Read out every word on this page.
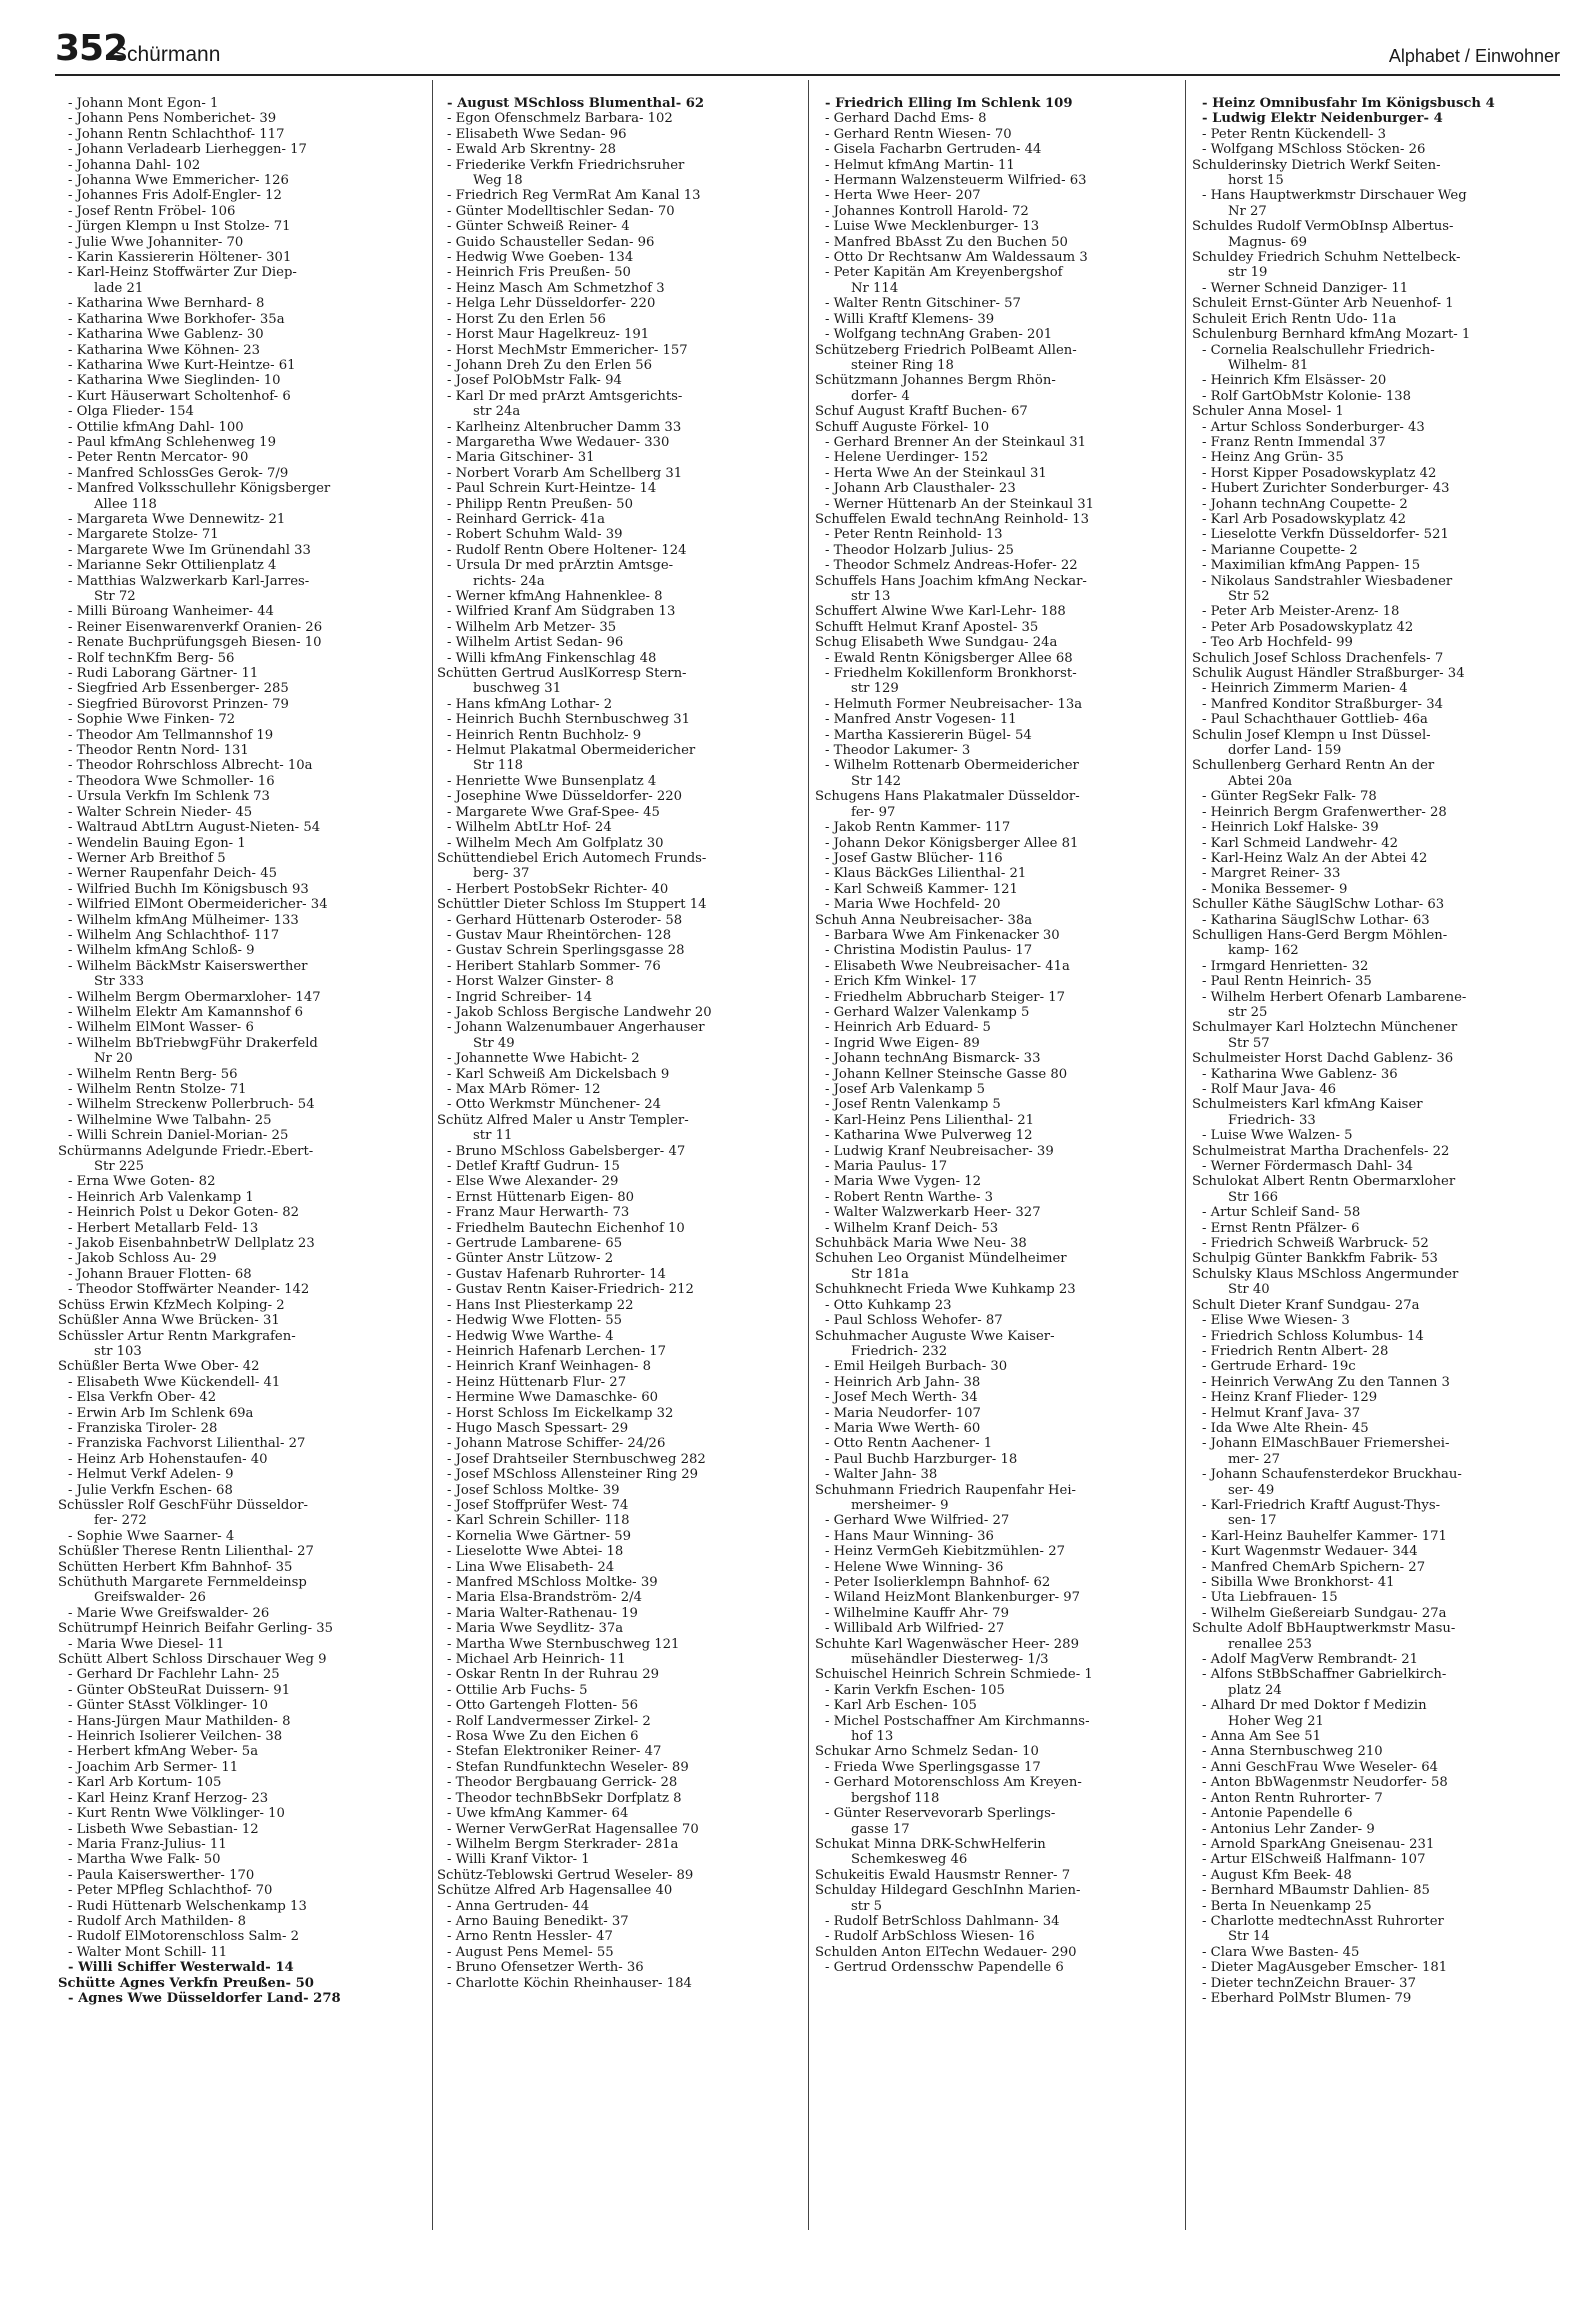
352
Schürmann	Alphabet / Einwohner
- Johann Mont Egon- 1
- Johann Pens Nomberichet- 39
- Johann Rentn Schlachthof- 117
- Johann Verladearb Lierheggen- 17
- Johanna Dahl- 102
- Johanna Wwe Emmericher- 126
- Johannes Fris Adolf-Engler- 12
- Josef Rentn Fröbel- 106
- Jürgen Klempn u Inst Stolze- 71
- Julie Wwe Johanniter- 70
- Karin Kassiererin Höltener- 301
- Karl-Heinz Stoffwärter Zur Diep-
lade 21
- Katharina Wwe Bernhard- 8
- Katharina Wwe Borkhofer- 35a
- Katharina Wwe Gablenz- 30
- Katharina Wwe Köhnen- 23
- Katharina Wwe Kurt-Heintze- 61
- Katharina Wwe Sieglinden- 10
- Kurt Häuserwart Scholtenhof- 6
- Olga Flieder- 154
- Ottilie kfmAng Dahl- 100
- Paul kfmAng Schlehenweg 19
- Peter Rentn Mercator- 90
- Manfred SchlossGes Gerok- 7/9
- Manfred Volksschullehr Königsberger
Allee 118
- Margareta Wwe Dennewitz- 21
- Margarete Stolze- 71
- Margarete Wwe Im Grünendahl 33
- Marianne Sekr Ottilienplatz 4
- Matthias Walzwerkarb Karl-Jarres-
Str 72
- Milli Büroang Wanheimer- 44
- Reiner Eisenwarenverkf Oranien- 26
- Renate Buchprüfungsgeh Biesen- 10
- Rolf technKfm Berg- 56
- Rudi Laborang Gärtner- 11
- Siegfried Arb Essenberger- 285
- Siegfried Bürovorst Prinzen- 79
- Sophie Wwe Finken- 72
- Theodor Am Tellmannshof 19
- Theodor Rentn Nord- 131
- Theodor Rohrschloss Albrecht- 10a
- Theodora Wwe Schmoller- 16
- Ursula Verkfn Im Schlenk 73
- Walter Schrein Nieder- 45
- Waltraud AbtLtrn August-Nieten- 54
- Wendelin Bauing Egon- 1
- Werner Arb Breithof 5
- Werner Raupenfahr Deich- 45
- Wilfried Buchh Im Königsbusch 93
- Wilfried ElMont Obermeidericher- 34
- Wilhelm kfmAng Mülheimer- 133
- Wilhelm Ang Schlachthof- 117
- Wilhelm kfmAng Schloß- 9
- Wilhelm BäckMstr Kaiserswerther
Str 333
- Wilhelm Bergm Obermarxloher- 147
- Wilhelm Elektr Am Kamannshof 6
- Wilhelm ElMont Wasser- 6
- Wilhelm BbTriebwgFühr Drakerfeld
Nr 20
- Wilhelm Rentn Berg- 56
- Wilhelm Rentn Stolze- 71
- Wilhelm Streckenw Pollerbruch- 54
- Wilhelmine Wwe Talbahn- 25
- Willi Schrein Daniel-Morian- 25
Schürmanns Adelgunde Friedr.-Ebert-
Str 225
- Erna Wwe Goten- 82
- Heinrich Arb Valenkamp 1
- Heinrich Polst u Dekor Goten- 82
- Herbert Metallarb Feld- 13
- Jakob EisenbahnbetrW Dellplatz 23
- Jakob Schloss Au- 29
- Johann Brauer Flotten- 68
- Theodor Stoffwärter Neander- 142
Schüss Erwin KfzMech Kolping- 2
Schüßler Anna Wwe Brücken- 31
Schüssler Artur Rentn Markgrafen-
str 103
Schüßler Berta Wwe Ober- 42
- Elisabeth Wwe Kückendell- 41
- Elsa Verkfn Ober- 42
- Erwin Arb Im Schlenk 69a
- Franziska Tiroler- 28
- Franziska Fachvorst Lilienthal- 27
- Heinz Arb Hohenstaufen- 40
- Helmut Verkf Adelen- 9
- Julie Verkfn Eschen- 68
Schüssler Rolf GeschFühr Düsseldor-
fer- 272
- Sophie Wwe Saarner- 4
Schüßler Therese Rentn Lilienthal- 27
Schütten Herbert Kfm Bahnhof- 35
Schüthuth Margarete Fernmeldeinsp
Greifswalder- 26
- Marie Wwe Greifswalder- 26
Schütrumpf Heinrich Beifahr Gerling- 35
- Maria Wwe Diesel- 11
Schütt Albert Schloss Dirschauer Weg 9
- Gerhard Dr Fachlehr Lahn- 25
- Günter ObSteuRat Duissern- 91
- Günter StAsst Völklinger- 10
- Hans-Jürgen Maur Mathilden- 8
- Heinrich Isolierer Veilchen- 38
- Herbert kfmAng Weber- 5a
- Joachim Arb Sermer- 11
- Karl Arb Kortum- 105
- Karl Heinz Kranf Herzog- 23
- Kurt Rentn Wwe Völklinger- 10
- Lisbeth Wwe Sebastian- 12
- Maria Franz-Julius- 11
- Martha Wwe Falk- 50
- Paula Kaiserswerther- 170
- Peter MPfleg Schlachthof- 70
- Rudi Hüttenarb Welschenkamp 13
- Rudolf Arch Mathilden- 8
- Rudolf ElMotorenschloss Salm- 2
- Walter Mont Schill- 11
- Willi Schiffer Westerwald- 14
Schütte Agnes Verkfn Preußen- 50
- Agnes Wwe Düsseldorfer Land- 278
- August MSchloss Blumenthal- 62
- Egon Ofenschmelz Barbara- 102
- Elisabeth Wwe Sedan- 96
- Ewald Arb Skrentny- 28
- Friederike Verkfn Friedrichsruher
Weg 18
- Friedrich Reg VermRat Am Kanal 13
- Günter Modelltischler Sedan- 70
- Günter Schweiß Reiner- 4
- Guido Schausteller Sedan- 96
- Hedwig Wwe Goeben- 134
- Heinrich Fris Preußen- 50
- Heinz Masch Am Schmetzhof 3
- Helga Lehr Düsseldorfer- 220
- Horst Zu den Erlen 56
- Horst Maur Hagelkreuz- 191
- Horst MechMstr Emmericher- 157
- Johann Dreh Zu den Erlen 56
- Josef PolObMstr Falk- 94
- Karl Dr med prArzt Amtsgerichts-
str 24a
- Karlheinz Altenbrucher Damm 33
- Margaretha Wwe Wedauer- 330
- Maria Gitschiner- 31
- Norbert Vorarb Am Schellberg 31
- Paul Schrein Kurt-Heintze- 14
- Philipp Rentn Preußen- 50
- Reinhard Gerrick- 41a
- Robert Schuhm Wald- 39
- Rudolf Rentn Obere Holtener- 124
- Ursula Dr med prÄrztin Amtsge-
richts- 24a
- Werner kfmAng Hahnenklee- 8
- Wilfried Kranf Am Südgraben 13
- Wilhelm Arb Metzer- 35
- Wilhelm Artist Sedan- 96
- Willi kfmAng Finkenschlag 48
Schütten Gertrud AuslKorresp Stern-
buschweg 31
- Hans kfmAng Lothar- 2
- Heinrich Buchh Sternbuschweg 31
- Heinrich Rentn Buchholz- 9
- Helmut Plakatmal Obermeidericher
Str 118
- Henriette Wwe Bunsenplatz 4
- Josephine Wwe Düsseldorfer- 220
- Margarete Wwe Graf-Spee- 45
- Wilhelm AbtLtr Hof- 24
- Wilhelm Mech Am Golfplatz 30
Schüttendiebel Erich Automech Frunds-
berg- 37
- Herbert PostobSekr Richter- 40
Schüttler Dieter Schloss Im Stuppert 14
- Gerhard Hüttenarb Osteroder- 58
- Gustav Maur Rheintörchen- 128
- Gustav Schrein Sperlingsgasse 28
- Heribert Stahlarb Sommer- 76
- Horst Walzer Ginster- 8
- Ingrid Schreiber- 14
- Jakob Schloss Bergische Landwehr 20
- Johann Walzenumbauer Angerhauser
Str 49
- Johannette Wwe Habicht- 2
- Karl Schweiß Am Dickelsbach 9
- Max MArb Römer- 12
- Otto Werkmstr Münchener- 24
Schütz Alfred Maler u Anstr Templer-
str 11
- Bruno MSchloss Gabelsberger- 47
- Detlef Kraftf Gudrun- 15
- Else Wwe Alexander- 29
- Ernst Hüttenarb Eigen- 80
- Franz Maur Herwarth- 73
- Friedhelm Bautechn Eichenhof 10
- Gertrude Lambarene- 65
- Günter Anstr Lützow- 2
- Gustav Hafenarb Ruhrorter- 14
- Gustav Rentn Kaiser-Friedrich- 212
- Hans Inst Pliesterkamp 22
- Hedwig Wwe Flotten- 55
- Hedwig Wwe Warthe- 4
- Heinrich Hafenarb Lerchen- 17
- Heinrich Kranf Weinhagen- 8
- Heinz Hüttenarb Flur- 27
- Hermine Wwe Damaschke- 60
- Horst Schloss Im Eickelkamp 32
- Hugo Masch Spessart- 29
- Johann Matrose Schiffer- 24/26
- Josef Drahtseiler Sternbuschweg 282
- Josef MSchloss Allensteiner Ring 29
- Josef Schloss Moltke- 39
- Josef Stoffprüfer West- 74
- Karl Schrein Schiller- 118
- Kornelia Wwe Gärtner- 59
- Lieselotte Wwe Abtei- 18
- Lina Wwe Elisabeth- 24
- Manfred MSchloss Moltke- 39
- Maria Elsa-Brandström- 2/4
- Maria Walter-Rathenau- 19
- Maria Wwe Seydlitz- 37a
- Martha Wwe Sternbuschweg 121
- Michael Arb Heinrich- 11
- Oskar Rentn In der Ruhrau 29
- Ottilie Arb Fuchs- 5
- Otto Gartengeh Flotten- 56
- Rolf Landvermesser Zirkel- 2
- Rosa Wwe Zu den Eichen 6
- Stefan Elektroniker Reiner- 47
- Stefan Rundfunktechn Weseler- 89
- Theodor Bergbauang Gerrick- 28
- Theodor technBbSekr Dorfplatz 8
- Uwe kfmAng Kammer- 64
- Werner VerwGerRat Hagensallee 70
- Wilhelm Bergm Sterkrader- 281a
- Willi Kranf Viktor- 1
Schütz-Teblowski Gertrud Weseler- 89
Schütze Alfred Arb Hagensallee 40
- Anna Gertruden- 44
- Arno Bauing Benedikt- 37
- Arno Rentn Hessler- 47
- August Pens Memel- 55
- Bruno Ofensetzer Werth- 36
- Charlotte Köchin Rheinhauser- 184
- Friedrich Elling Im Schlenk 109
- Gerhard Dachd Ems- 8
- Gerhard Rentn Wiesen- 70
- Gisela Facharbn Gertruden- 44
- Helmut kfmAng Martin- 11
- Hermann Walzensteuerm Wilfried- 63
- Herta Wwe Heer- 207
- Johannes Kontroll Harold- 72
- Luise Wwe Mecklenburger- 13
- Manfred BbAsst Zu den Buchen 50
- Otto Dr Rechtsanw Am Waldessaum 3
- Peter Kapitän Am Kreyenbergshof
Nr 114
- Walter Rentn Gitschiner- 57
- Willi Kraftf Klemens- 39
- Wolfgang technAng Graben- 201
Schützeberg Friedrich PolBeamt Allen-
steiner Ring 18
Schützmann Johannes Bergm Rhön-
dorfer- 4
Schuf August Kraftf Buchen- 67
Schuff Auguste Förkel- 10
- Gerhard Brenner An der Steinkaul 31
- Helene Uerdinger- 152
- Herta Wwe An der Steinkaul 31
- Johann Arb Clausthaler- 23
- Werner Hüttenarb An der Steinkaul 31
Schuffelen Ewald technAng Reinhold- 13
- Peter Rentn Reinhold- 13
- Theodor Holzarb Julius- 25
- Theodor Schmelz Andreas-Hofer- 22
Schuffels Hans Joachim kfmAng Neckar-
str 13
Schuffert Alwine Wwe Karl-Lehr- 188
Schufft Helmut Kranf Apostel- 35
Schug Elisabeth Wwe Sundgau- 24a
- Ewald Rentn Königsberger Allee 68
- Friedhelm Kokillenform Bronkhorst-
str 129
- Helmuth Former Neubreisacher- 13a
- Manfred Anstr Vogesen- 11
- Martha Kassiererin Bügel- 54
- Theodor Lakumer- 3
- Wilhelm Rottenarb Obermeidericher
Str 142
Schugens Hans Plakatmaler Düsseldor-
fer- 97
- Jakob Rentn Kammer- 117
- Johann Dekor Königsberger Allee 81
- Josef Gastw Blücher- 116
- Klaus BäckGes Lilienthal- 21
- Karl Schweiß Kammer- 121
- Maria Wwe Hochfeld- 20
Schuh Anna Neubreisacher- 38a
- Barbara Wwe Am Finkenacker 30
- Christina Modistin Paulus- 17
- Elisabeth Wwe Neubreisacher- 41a
- Erich Kfm Winkel- 17
- Friedhelm Abbrucharb Steiger- 17
- Gerhard Walzer Valenkamp 5
- Heinrich Arb Eduard- 5
- Ingrid Wwe Eigen- 89
- Johann technAng Bismarck- 33
- Johann Kellner Steinsche Gasse 80
- Josef Arb Valenkamp 5
- Josef Rentn Valenkamp 5
- Karl-Heinz Pens Lilienthal- 21
- Katharina Wwe Pulverweg 12
- Ludwig Kranf Neubreisacher- 39
- Maria Paulus- 17
- Maria Wwe Vygen- 12
- Robert Rentn Warthe- 3
- Walter Walzwerkarb Heer- 327
- Wilhelm Kranf Deich- 53
Schuhbäck Maria Wwe Neu- 38
Schuhen Leo Organist Mündelheimer
Str 181a
Schuhknecht Frieda Wwe Kuhkamp 23
- Otto Kuhkamp 23
- Paul Schloss Wehofer- 87
Schuhmacher Auguste Wwe Kaiser-
Friedrich- 232
- Emil Heilgeh Burbach- 30
- Heinrich Arb Jahn- 38
- Josef Mech Werth- 34
- Maria Neudorfer- 107
- Maria Wwe Werth- 60
- Otto Rentn Aachener- 1
- Paul Buchb Harzburger- 18
- Walter Jahn- 38
Schuhmann Friedrich Raupenfahr Hei-
mersheimer- 9
- Gerhard Wwe Wilfried- 27
- Hans Maur Winning- 36
- Heinz VermGeh Kiebitzmühlen- 27
- Helene Wwe Winning- 36
- Peter Isolierklempn Bahnhof- 62
- Wiland HeizMont Blankenburger- 97
- Wilhelmine Kauffr Ahr- 79
- Willibald Arb Wilfried- 27
Schuhte Karl Wagenwäscher Heer- 289
müsehändler Diesterweg- 1/3
Schuischel Heinrich Schrein Schmiede- 1
- Karin Verkfn Eschen- 105
- Karl Arb Eschen- 105
- Michel Postschaffner Am Kirchmanns-
hof 13
Schukar Arno Schmelz Sedan- 10
- Frieda Wwe Sperlingsgasse 17
- Gerhard Motorenschloss Am Kreyen-
bergshof 118
- Günter Reservevorarb Sperlings-
gasse 17
Schukat Minna DRK-SchwHelferin
Schemkesweg 46
Schukeitis Ewald Hausmstr Renner- 7
Schulday Hildegard GeschInhn Marien-
str 5
- Rudolf BetrSchloss Dahlmann- 34
- Rudolf ArbSchloss Wiesen- 16
Schulden Anton ElTechn Wedauer- 290
- Gertrud Ordensschw Papendelle 6
- Heinz Omnibusfahr Im Königsbusch 4
- Ludwig Elektr Neidenburger- 4
- Peter Rentn Kückendell- 3
- Wolfgang MSchloss Stöcken- 26
Schulderinsky Dietrich Werkf Seiten-
horst 15
- Hans Hauptwerkmstr Dirschauer Weg
Nr 27
Schuldes Rudolf VermObInsp Albertus-
Magnus- 69
Schuldey Friedrich Schuhm Nettelbeck-
str 19
- Werner Schneid Danziger- 11
Schuleit Ernst-Günter Arb Neuenhof- 1
Schuleit Erich Rentn Udo- 11a
Schulenburg Bernhard kfmAng Mozart- 1
- Cornelia Realschullehr Friedrich-
Wilhelm- 81
- Heinrich Kfm Elsässer- 20
- Rolf GartObMstr Kolonie- 138
Schuler Anna Mosel- 1
- Artur Schloss Sonderburger- 43
- Franz Rentn Immendal 37
- Heinz Ang Grün- 35
- Horst Kipper Posadowskyplatz 42
- Hubert Zurichter Sonderburger- 43
- Johann technAng Coupette- 2
- Karl Arb Posadowskyplatz 42
- Lieselotte Verkfn Düsseldorfer- 521
- Marianne Coupette- 2
- Maximilian kfmAng Pappen- 15
- Nikolaus Sandstrahler Wiesbadener
Str 52
- Peter Arb Meister-Arenz- 18
- Peter Arb Posadowskyplatz 42
- Teo Arb Hochfeld- 99
Schulich Josef Schloss Drachenfels- 7
Schulik August Händler Straßburger- 34
- Heinrich Zimmerm Marien- 4
- Manfred Konditor Straßburger- 34
- Paul Schachthauer Gottlieb- 46a
Schulin Josef Klempn u Inst Düssel-
dorfer Land- 159
Schullenberg Gerhard Rentn An der
Abtei 20a
- Günter RegSekr Falk- 78
- Heinrich Bergm Grafenwerther- 28
- Heinrich Lokf Halske- 39
- Karl Schmeid Landwehr- 42
- Karl-Heinz Walz An der Abtei 42
- Margret Reiner- 33
- Monika Bessemer- 9
Schuller Käthe SäuglSchw Lothar- 63
- Katharina SäuglSchw Lothar- 63
Schulligen Hans-Gerd Bergm Möhlen-
kamp- 162
- Irmgard Henrietten- 32
- Paul Rentn Heinrich- 35
- Wilhelm Herbert Ofenarb Lambarene-
str 25
Schulmayer Karl Holztechn Münchener
Str 57
Schulmeister Horst Dachd Gablenz- 36
- Katharina Wwe Gablenz- 36
- Rolf Maur Java- 46
Schulmeisters Karl kfmAng Kaiser
Friedrich- 33
- Luise Wwe Walzen- 5
Schulmeistrat Martha Drachenfels- 22
- Werner Fördermasch Dahl- 34
Schulokat Albert Rentn Obermarxloher
Str 166
- Artur Schleif Sand- 58
- Ernst Rentn Pfälzer- 6
- Friedrich Schweiß Warbruck- 52
Schulpig Günter Bankkfm Fabrik- 53
Schulsky Klaus MSchloss Angermunder
Str 40
Schult Dieter Kranf Sundgau- 27a
- Elise Wwe Wiesen- 3
- Friedrich Schloss Kolumbus- 14
- Friedrich Rentn Albert- 28
- Gertrude Erhard- 19c
- Heinrich VerwAng Zu den Tannen 3
- Heinz Kranf Flieder- 129
- Helmut Kranf Java- 37
- Ida Wwe Alte Rhein- 45
- Johann ElMaschBauer Friemershei-
mer- 27
- Johann Schaufensterdekor Bruckhau-
ser- 49
- Karl-Friedrich Kraftf August-Thys-
sen- 17
- Karl-Heinz Bauhelfer Kammer- 171
- Kurt Wagenmstr Wedauer- 344
- Manfred ChemArb Spichern- 27
- Sibilla Wwe Bronkhorst- 41
- Uta Liebfrauen- 15
- Wilhelm Gießereiarb Sundgau- 27a
Schulte Adolf BbHauptwerkmstr Masu-
renallee 253
- Adolf MagVerw Rembrandt- 21
- Alfons StBbSchaffner Gabrielkirch-
platz 24
- Alhard Dr med Doktor f Medizin
Hoher Weg 21
- Anna Am See 51
- Anna Sternbuschweg 210
- Anni GeschFrau Wwe Weseler- 64
- Anton BbWagenmstr Neudorfer- 58
- Anton Rentn Ruhrorter- 7
- Antonie Papendelle 6
- Antonius Lehr Zander- 9
- Arnold SparkAng Gneisenau- 231
- Artur ElSchweiß Halfmann- 107
- August Kfm Beek- 48
- Bernhard MBaumstr Dahlien- 85
- Berta In Neuenkamp 25
- Charlotte medtechnAsst Ruhrorter
Str 14
- Clara Wwe Basten- 45
- Dieter MagAusgeber Emscher- 181
- Dieter technZeichn Brauer- 37
- Eberhard PolMstr Blumen- 79
